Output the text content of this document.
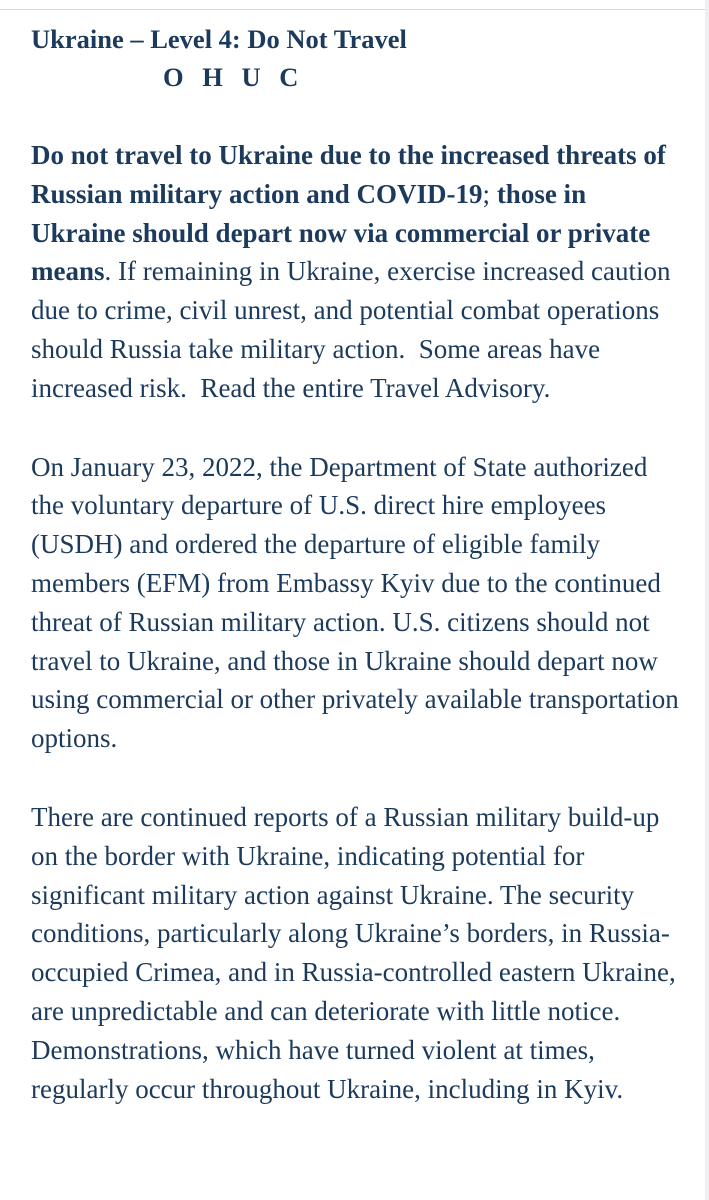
Ukraine – Level 4: Do Not Travel
O H U C

Do not travel to Ukraine due to the increased threats of Russian military action and COVID-19; those in Ukraine should depart now via commercial or private means. If remaining in Ukraine, exercise increased caution due to crime, civil unrest, and potential combat operations should Russia take military action.  Some areas have increased risk.  Read the entire Travel Advisory.

On January 23, 2022, the Department of State authorized the voluntary departure of U.S. direct hire employees (USDH) and ordered the departure of eligible family members (EFM) from Embassy Kyiv due to the continued threat of Russian military action. U.S. citizens should not travel to Ukraine, and those in Ukraine should depart now using commercial or other privately available transportation options.

There are continued reports of a Russian military build-up on the border with Ukraine, indicating potential for significant military action against Ukraine. The security conditions, particularly along Ukraine’s borders, in Russia-occupied Crimea, and in Russia-controlled eastern Ukraine, are unpredictable and can deteriorate with little notice.  Demonstrations, which have turned violent at times, regularly occur throughout Ukraine, including in Kyiv.
